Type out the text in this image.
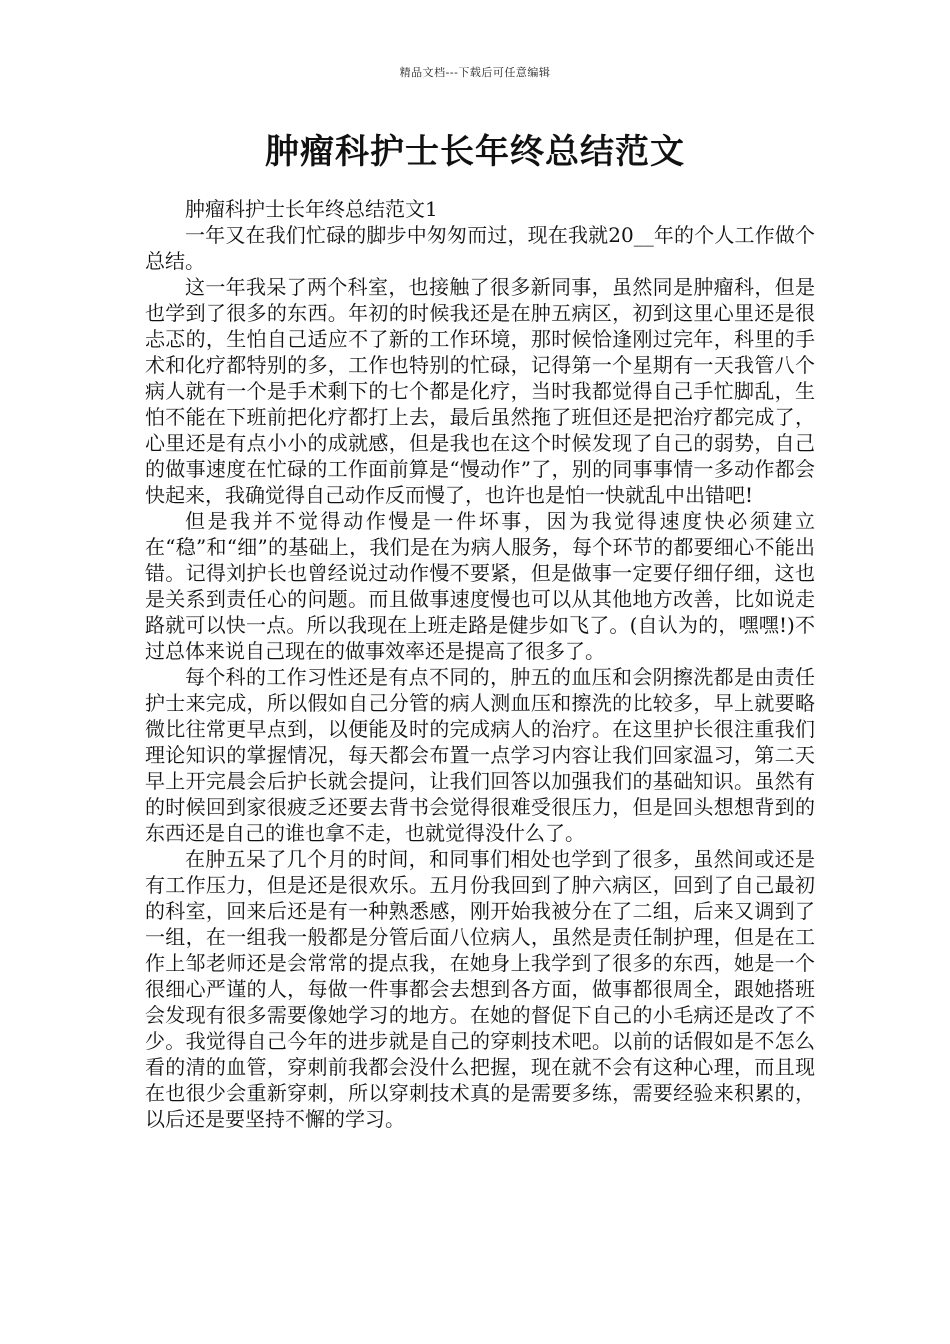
精品文档---下载后可任意编辑
肿瘤科护士长年终总结范文

肿瘤科护士长年终总结范文1

一年又在我们忙碌的脚步中匆匆而过，现在我就20__年的个人工作做个总结。

这一年我呆了两个科室，也接触了很多新同事，虽然同是肿瘤科，但是也学到了很多的东西。年初的时候我还是在肿五病区，初到这里心里还是很忐忑的，生怕自己适应不了新的工作环境，那时候恰逢刚过完年，科里的手术和化疗都特别的多，工作也特别的忙碌，记得第一个星期有一天我管八个病人就有一个是手术剩下的七个都是化疗，当时我都觉得自己手忙脚乱，生怕不能在下班前把化疗都打上去，最后虽然拖了班但还是把治疗都完成了，心里还是有点小小的成就感，但是我也在这个时候发现了自己的弱势，自己的做事速度在忙碌的工作面前算是“慢动作”了，别的同事事情一多动作都会快起来，我确觉得自己动作反而慢了，也许也是怕一快就乱中出错吧!

但是我并不觉得动作慢是一件坏事，因为我觉得速度快必须建立在“稳”和“细”的基础上，我们是在为病人服务，每个环节的都要细心不能出错。记得刘护长也曾经说过动作慢不要紧，但是做事一定要仔细仔细，这也是关系到责任心的问题。而且做事速度慢也可以从其他地方改善，比如说走路就可以快一点。所以我现在上班走路是健步如飞了。(自认为的，嘿嘿!)不过总体来说自己现在的做事效率还是提高了很多了。

每个科的工作习性还是有点不同的，肿五的血压和会阴擦洗都是由责任护士来完成，所以假如自己分管的病人测血压和擦洗的比较多，早上就要略微比往常更早点到，以便能及时的完成病人的治疗。在这里护长很注重我们理论知识的掌握情况，每天都会布置一点学习内容让我们回家温习，第二天早上开完晨会后护长就会提问，让我们回答以加强我们的基础知识。虽然有的时候回到家很疲乏还要去背书会觉得很难受很压力，但是回头想想背到的东西还是自己的谁也拿不走，也就觉得没什么了。

在肿五呆了几个月的时间，和同事们相处也学到了很多，虽然间或还是有工作压力，但是还是很欢乐。五月份我回到了肿六病区，回到了自己最初的科室，回来后还是有一种熟悉感，刚开始我被分在了二组，后来又调到了一组，在一组我一般都是分管后面八位病人，虽然是责任制护理，但是在工作上邹老师还是会常常的提点我，在她身上我学到了很多的东西，她是一个很细心严谨的人，每做一件事都会去想到各方面，做事都很周全，跟她搭班会发现有很多需要像她学习的地方。在她的督促下自己的小毛病还是改了不少。我觉得自己今年的进步就是自己的穿刺技术吧。以前的话假如是不怎么看的清的血管，穿刺前我都会没什么把握，现在就不会有这种心理，而且现在也很少会重新穿刺，所以穿刺技术真的是需要多练，需要经验来积累的，以后还是要坚持不懈的学习。
